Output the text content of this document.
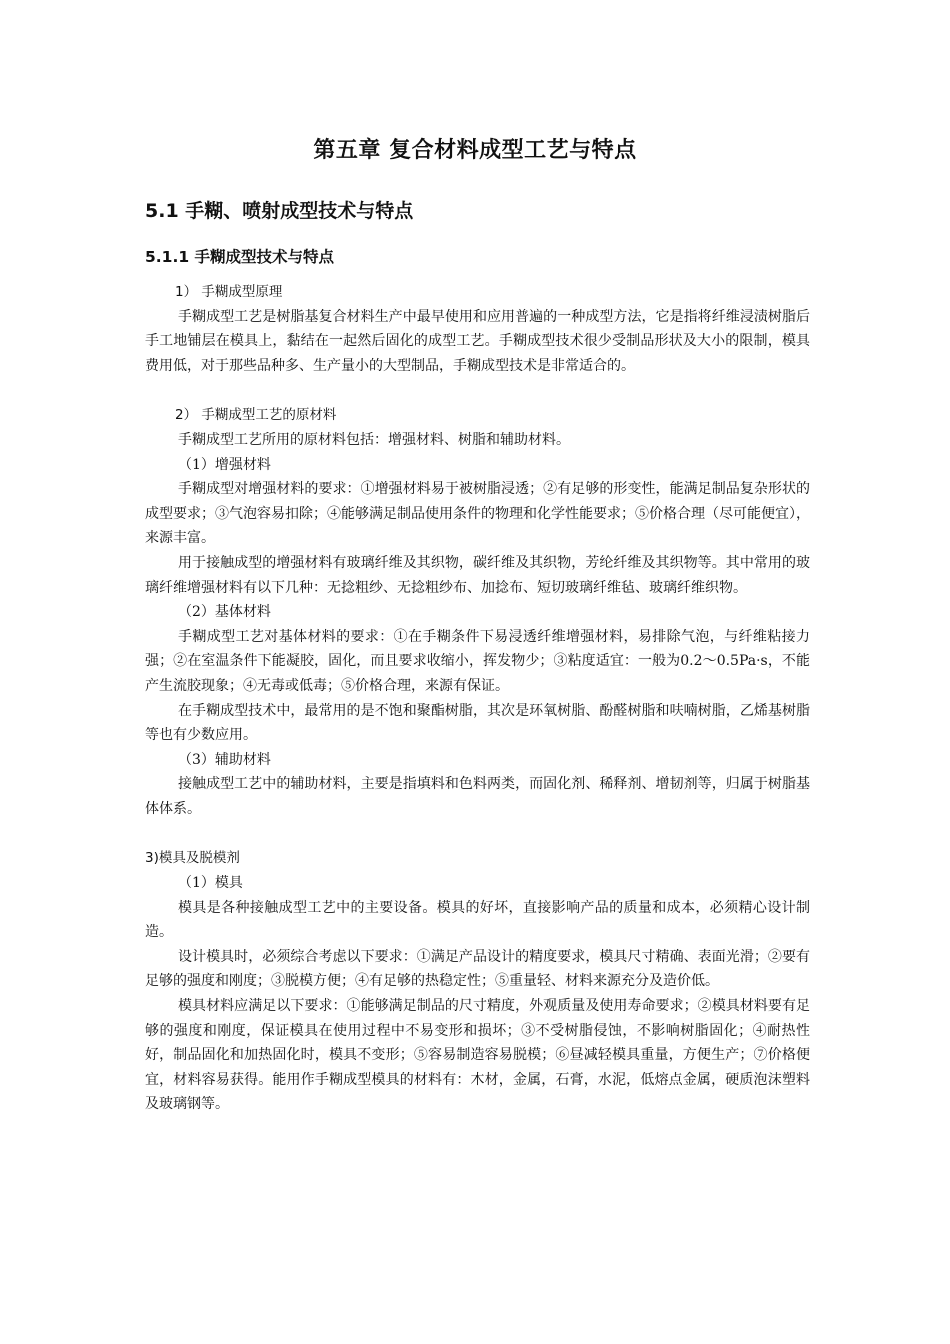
第五章 复合材料成型工艺与特点
5.1 手糊、喷射成型技术与特点
5.1.1 手糊成型技术与特点

1） 手糊成型原理

手糊成型工艺是树脂基复合材料生产中最早使用和应用普遍的一种成型方法，它是指将纤维浸渍树脂后手工地铺层在模具上，黏结在一起然后固化的成型工艺。手糊成型技术很少受制品形状及大小的限制，模具费用低，对于那些品种多、生产量小的大型制品，手糊成型技术是非常适合的。

2） 手糊成型工艺的原材料

手糊成型工艺所用的原材料包括：增强材料、树脂和辅助材料。

（1）增强材料

手糊成型对增强材料的要求：①增强材料易于被树脂浸透；②有足够的形变性，能满足制品复杂形状的成型要求；③气泡容易扣除；④能够满足制品使用条件的物理和化学性能要求；⑤价格合理（尽可能便宜），来源丰富。

用于接触成型的增强材料有玻璃纤维及其织物，碳纤维及其织物，芳纶纤维及其织物等。其中常用的玻璃纤维增强材料有以下几种：无捻粗纱、无捻粗纱布、加捻布、短切玻璃纤维毡、玻璃纤维织物。

（2）基体材料

手糊成型工艺对基体材料的要求：①在手糊条件下易浸透纤维增强材料，易排除气泡，与纤维粘接力强；②在室温条件下能凝胶，固化，而且要求收缩小，挥发物少；③粘度适宜：一般为0.2～0.5Pa·s，不能产生流胶现象；④无毒或低毒；⑤价格合理，来源有保证。

在手糊成型技术中，最常用的是不饱和聚酯树脂，其次是环氧树脂、酚醛树脂和呋喃树脂，乙烯基树脂等也有少数应用。

（3）辅助材料

接触成型工艺中的辅助材料，主要是指填料和色料两类，而固化剂、稀释剂、增韧剂等，归属于树脂基体体系。

3)模具及脱模剂

（1）模具

模具是各种接触成型工艺中的主要设备。模具的好坏，直接影响产品的质量和成本，必须精心设计制造。

设计模具时，必须综合考虑以下要求：①满足产品设计的精度要求，模具尺寸精确、表面光滑；②要有足够的强度和刚度；③脱模方便；④有足够的热稳定性；⑤重量轻、材料来源充分及造价低。

模具材料应满足以下要求：①能够满足制品的尺寸精度，外观质量及使用寿命要求；②模具材料要有足够的强度和刚度，保证模具在使用过程中不易变形和损坏；③不受树脂侵蚀，不影响树脂固化；④耐热性好，制品固化和加热固化时，模具不变形；⑤容易制造容易脱模；⑥昼减轻模具重量，方便生产；⑦价格便宜，材料容易获得。能用作手糊成型模具的材料有：木材，金属，石膏，水泥，低熔点金属，硬质泡沫塑料及玻璃钢等。
